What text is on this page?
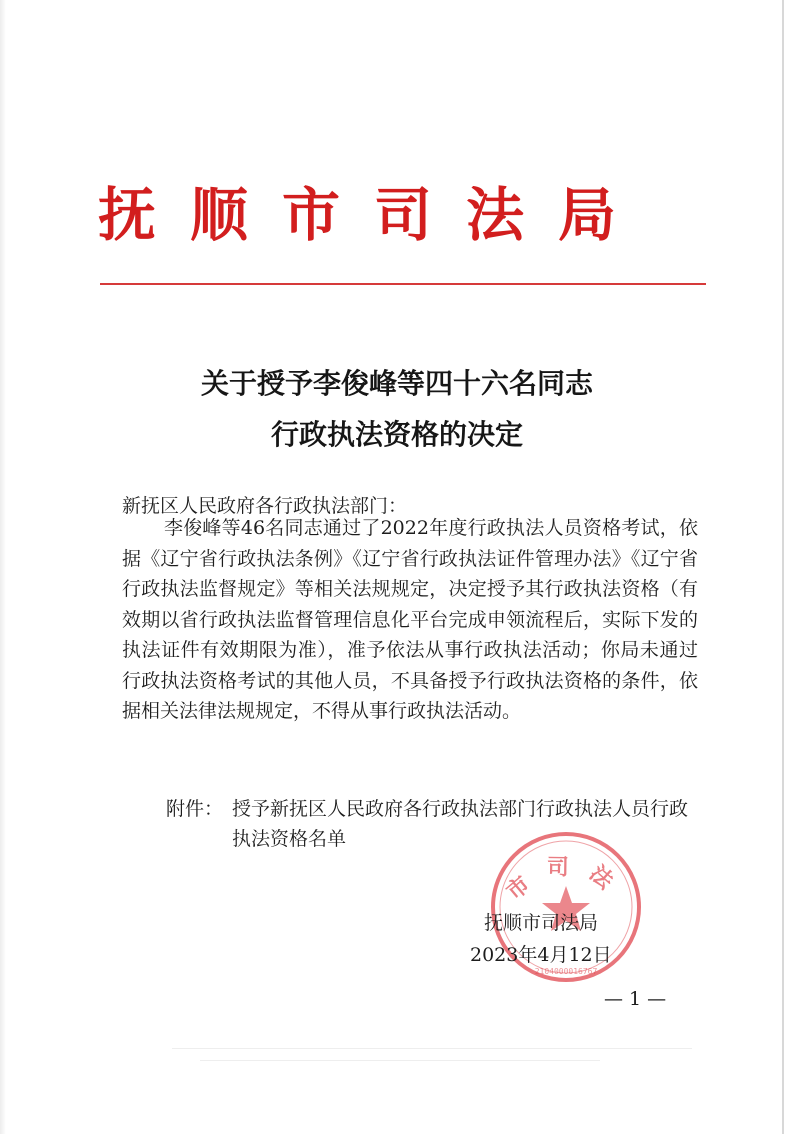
抚顺市司法局
关于授予李俊峰等四十六名同志
行政执法资格的决定
新抚区人民政府各行政执法部门：
李俊峰等46名同志通过了2022年度行政执法人员资格考试，依据《辽宁省行政执法条例》《辽宁省行政执法证件管理办法》《辽宁省行政执法监督规定》等相关法规规定，决定授予其行政执法资格（有效期以省行政执法监督管理信息化平台完成申领流程后，实际下发的执法证件有效期限为准），准予依法从事行政执法活动；你局未通过行政执法资格考试的其他人员，不具备授予行政执法资格的条件，依据相关法律法规规定，不得从事行政执法活动。
附件： 授予新抚区人民政府各行政执法部门行政执法人员行政执法资格名单
市司法
2104000016767
抚顺市司法局
2023年4月12日
— 1 —
